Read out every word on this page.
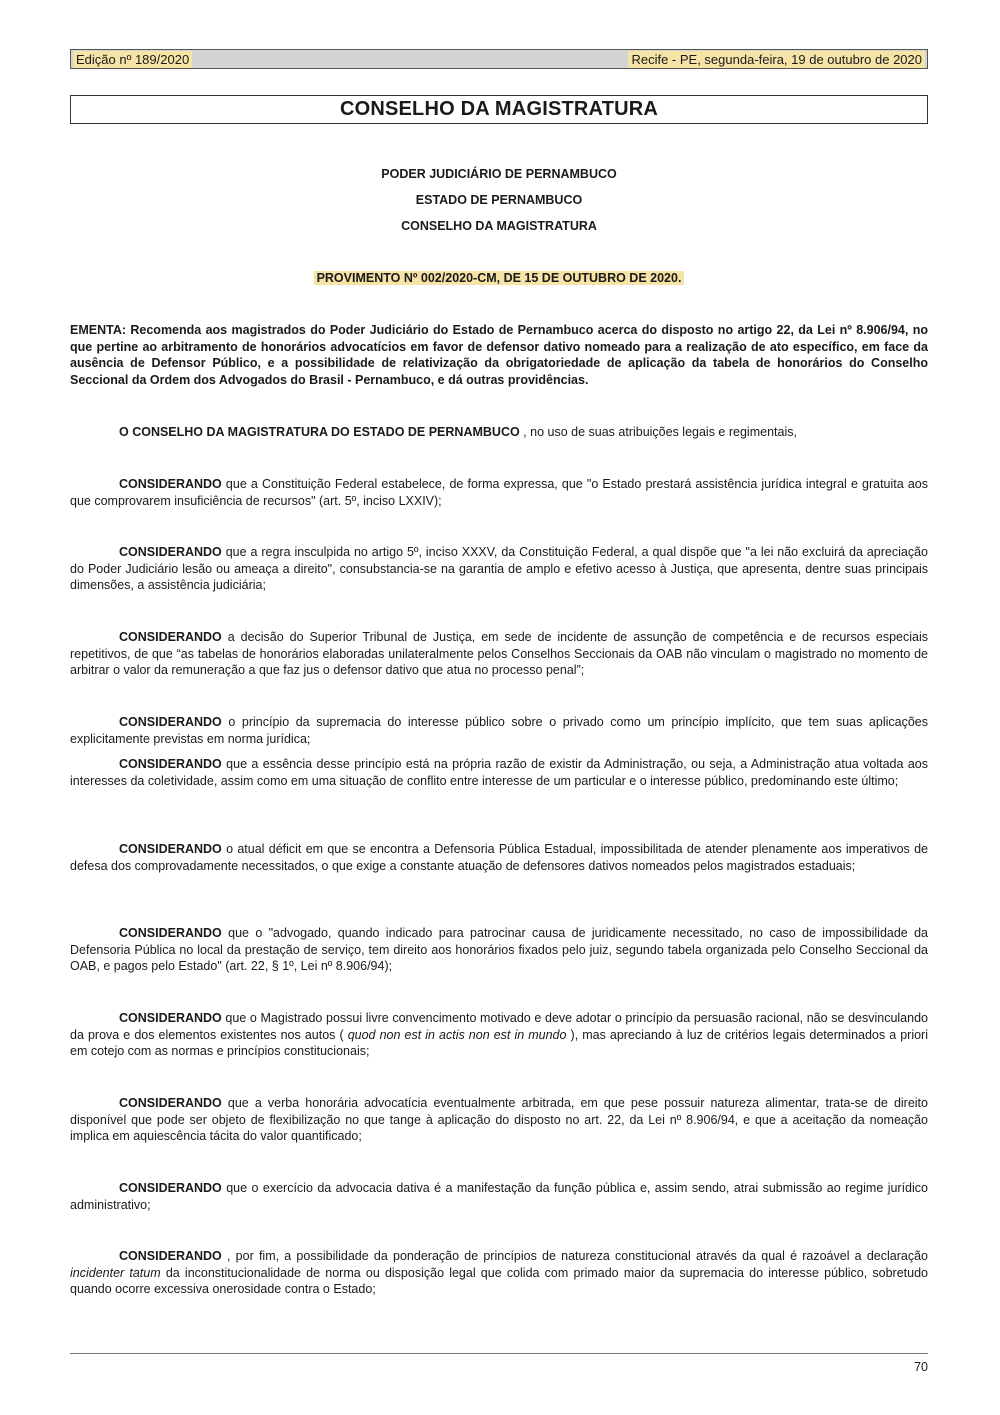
Edição nº 189/2020	Recife - PE, segunda-feira, 19 de outubro de 2020
CONSELHO DA MAGISTRATURA
PODER JUDICIÁRIO DE PERNAMBUCO
ESTADO DE PERNAMBUCO
CONSELHO DA MAGISTRATURA
PROVIMENTO Nº 002/2020-CM, DE 15 DE OUTUBRO DE 2020.

EMENTA: Recomenda aos magistrados do Poder Judiciário do Estado de Pernambuco acerca do disposto no artigo 22, da Lei nº 8.906/94, no que pertine ao arbitramento de honorários advocatícios em favor de defensor dativo nomeado para a realização de ato específico, em face da ausência de Defensor Público, e a possibilidade de relativização da obrigatoriedade de aplicação da tabela de honorários do Conselho Seccional da Ordem dos Advogados do Brasil - Pernambuco, e dá outras providências.

O CONSELHO DA MAGISTRATURA DO ESTADO DE PERNAMBUCO , no uso de suas atribuições legais e regimentais,

CONSIDERANDO que a Constituição Federal estabelece, de forma expressa, que "o Estado prestará assistência jurídica integral e gratuita aos que comprovarem insuficiência de recursos" (art. 5º, inciso LXXIV);

CONSIDERANDO que a regra insculpida no artigo 5º, inciso XXXV, da Constituição Federal, a qual dispõe que "a lei não excluirá da apreciação do Poder Judiciário lesão ou ameaça a direito", consubstancia-se na garantia de amplo e efetivo acesso à Justiça, que apresenta, dentre suas principais dimensões, a assistência judiciária;

CONSIDERANDO a decisão do Superior Tribunal de Justiça, em sede de incidente de assunção de competência e de recursos especiais repetitivos, de que “as tabelas de honorários elaboradas unilateralmente pelos Conselhos Seccionais da OAB não vinculam o magistrado no momento de arbitrar o valor da remuneração a que faz jus o defensor dativo que atua no processo penal”;

CONSIDERANDO o princípio da supremacia do interesse público sobre o privado como um princípio implícito, que tem suas aplicações explicitamente previstas em norma jurídica;

CONSIDERANDO que a essência desse princípio está na própria razão de existir da Administração, ou seja, a Administração atua voltada aos interesses da coletividade, assim como em uma situação de conflito entre interesse de um particular e o interesse público, predominando este último;

CONSIDERANDO o atual déficit em que se encontra a Defensoria Pública Estadual, impossibilitada de atender plenamente aos imperativos de defesa dos comprovadamente necessitados, o que exige a constante atuação de defensores dativos nomeados pelos magistrados estaduais;

CONSIDERANDO que o "advogado, quando indicado para patrocinar causa de juridicamente necessitado, no caso de impossibilidade da Defensoria Pública no local da prestação de serviço, tem direito aos honorários fixados pelo juiz, segundo tabela organizada pelo Conselho Seccional da OAB, e pagos pelo Estado" (art. 22, § 1º, Lei nº 8.906/94);

CONSIDERANDO que o Magistrado possui livre convencimento motivado e deve adotar o princípio da persuasão racional, não se desvinculando da prova e dos elementos existentes nos autos ( quod non est in actis non est in mundo ), mas apreciando à luz de critérios legais determinados a priori em cotejo com as normas e princípios constitucionais;

CONSIDERANDO que a verba honorária advocatícia eventualmente arbitrada, em que pese possuir natureza alimentar, trata-se de direito disponível que pode ser objeto de flexibilização no que tange à aplicação do disposto no art. 22, da Lei nº 8.906/94, e que a aceitação da nomeação implica em aquiescência tácita do valor quantificado;

CONSIDERANDO que o exercício da advocacia dativa é a manifestação da função pública e, assim sendo, atrai submissão ao regime jurídico administrativo;

CONSIDERANDO , por fim, a possibilidade da ponderação de princípios de natureza constitucional através da qual é razoável a declaração incidenter tatum da inconstitucionalidade de norma ou disposição legal que colida com primado maior da supremacia do interesse público, sobretudo quando ocorre excessiva onerosidade contra o Estado;

70
